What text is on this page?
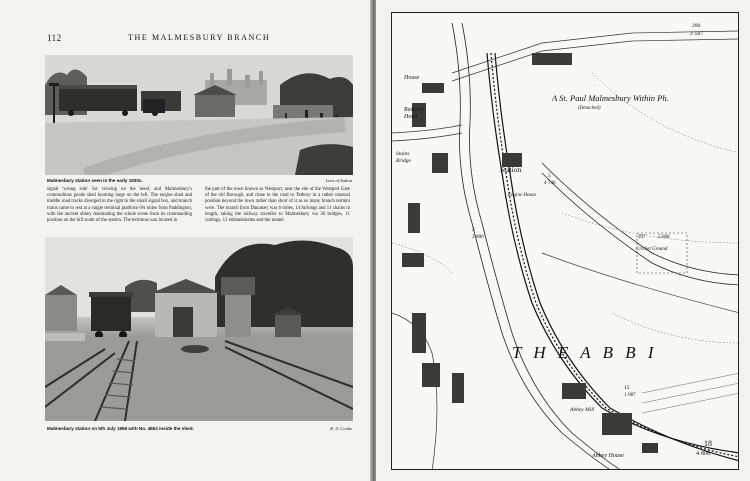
112	THE MALMESBURY BRANCH
Malmesbury station seen in the early 1930s.	Lens of Sutton

signal 'wrong side' for viewing on the bend, and Malmesbury's commodious goods shed looming large on the left. The engine shed and middle road tracks diverged to the right to the small signal box, and branch trains came to rest at a single terminal platform 6¾ miles from Paddington, with the ancient abbey dominating the whole scene from its commanding position on the hill south of the station. The terminus was located in

the part of the town known as Westport, near the site of the Westport Gate of the old Borough, and close to the road to Tetbury in a rather unusual position beyond the town rather than short of it as so many branch termini were. The branch from Dauntsey was 6 miles, 14 furlongs and 11 chains in length, taking the railway traveller to Malmesbury via 36 bridges, 11 cuttings, 12 embankments and the tunnel.

Malmesbury station on 5th July 1956 with No. 4853 inside the shed.	R. A. Cooke
A St. Paul Malmesbury Within Ph.
(Detached)
Station
Railway Hotel
House
Stains Bridge
Cricket Ground
207	2·808
T H E A B B I
Abbey House
Abbey Mill
Engine House
200
2·587
5
4·746
2
2·800
15
1·987
18
4·808
